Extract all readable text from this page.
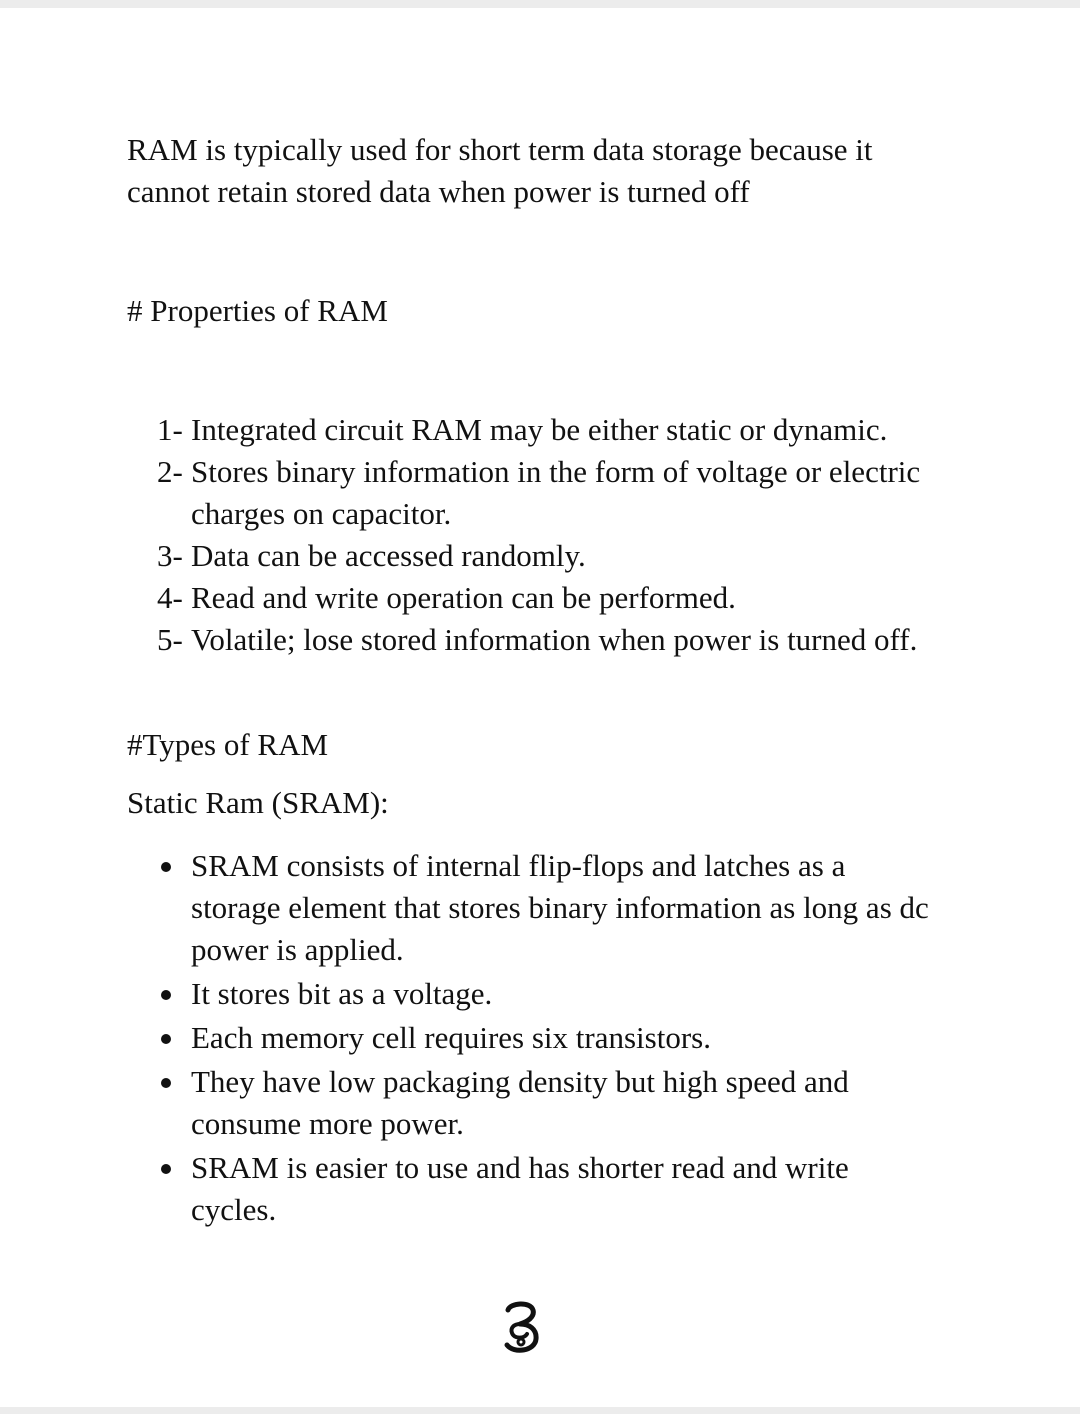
RAM is typically used for short term data storage because it
cannot retain stored data when power is turned off

# Properties of RAM

1- Integrated circuit RAM may be either static or dynamic.
2- Stores binary information in the form of voltage or electric
charges on capacitor.
3- Data can be accessed randomly.
4- Read and write operation can be performed.
5- Volatile; lose stored information when power is turned off.

#Types of RAM

Static Ram (SRAM):

SRAM consists of internal flip-flops and latches as a
storage element that stores binary information as long as dc
power is applied.
It stores bit as a voltage.
Each memory cell requires six transistors.
They have low packaging density but high speed and
consume more power.
SRAM is easier to use and has shorter read and write
cycles.
